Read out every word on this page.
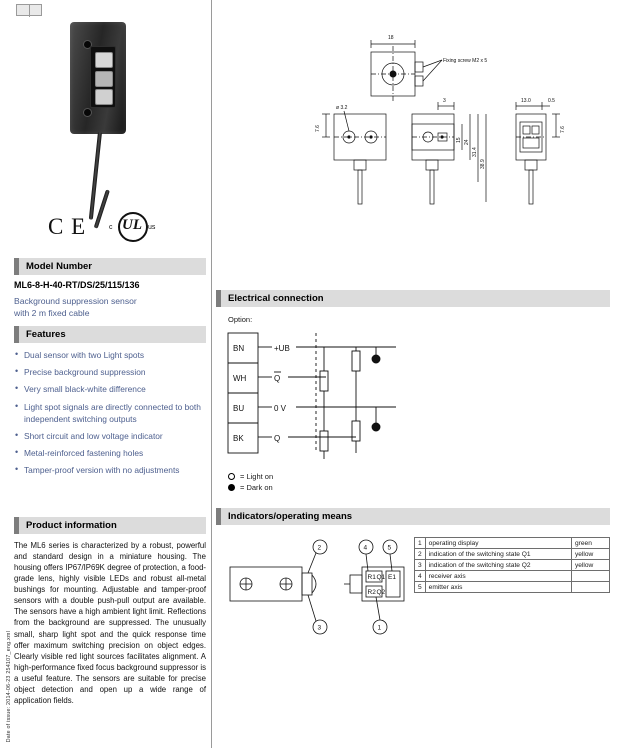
Date of issue: 2014-06-23 254107_eng.xml
C E UL
c	us
Model Number
ML6-8-H-40-RT/DS/25/115/136
Background suppression sensor
with 2 m fixed cable
Features
• Dual sensor with two Light spots
• Precise background suppression
• Very small black-white difference
• Light spot signals are directly connected to both independent switching outputs
• Short circuit and low voltage indicator
• Metal-reinforced fastening holes
• Tamper-proof version with no adjustments
Product information
The ML6 series is characterized by a robust, powerful and standard design in a miniature housing. The housing offers IP67/IP69K degree of protection, a food-grade lens, highly visible LEDs and robust all-metal bushings for mounting. Adjustable and tamper-proof sensors with a double push-pull output are available. The sensors have a high ambient light limit. Reflections from the background are suppressed. The unusually small, sharp light spot and the quick response time offer maximum switching precision on object edges. Clearly visible red light sources facilitates alignment. A high-performance fixed focus background suppressor is a useful feature. The sensors are suitable for precise object detection and open up a wide range of application fields.
18
Fixing screw M2 x 5
ø 3.2
7.6
3
15 24
31.4
38.9
13.0	0.5
7.6
Electrical connection
Option:
BN
WH
BU
BK
+UB
Q
0 V
Q
= Light on
= Dark on
Indicators/operating means
2
3
R1 Q1
R2 Q2
E1
4	5
1
1	operating display	green
2	indication of the switching state Q1	yellow
3	indication of the switching state Q2	yellow
4	receiver axis	
5	emitter axis	
